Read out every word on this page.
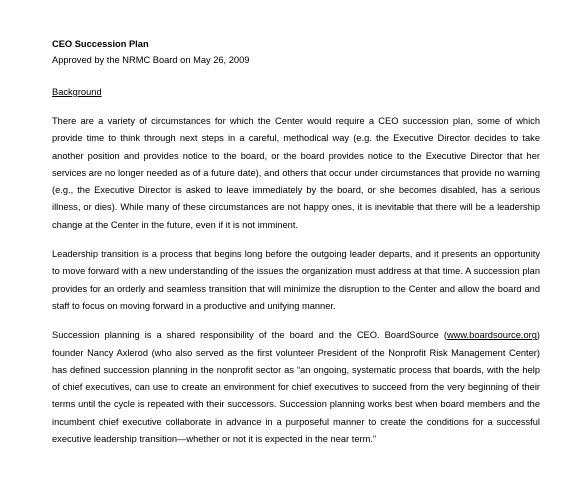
CEO Succession Plan

Approved by the NRMC Board on May 26, 2009

Background

There are a variety of circumstances for which the Center would require a CEO succession plan, some of which provide time to think through next steps in a careful, methodical way (e.g. the Executive Director decides to take another position and provides notice to the board, or the board provides notice to the Executive Director that her services are no longer needed as of a future date), and others that occur under circumstances that provide no warning (e.g., the Executive Director is asked to leave immediately by the board, or she becomes disabled, has a serious illness, or dies). While many of these circumstances are not happy ones, it is inevitable that there will be a leadership change at the Center in the future, even if it is not imminent.

Leadership transition is a process that begins long before the outgoing leader departs, and it presents an opportunity to move forward with a new understanding of the issues the organization must address at that time. A succession plan provides for an orderly and seamless transition that will minimize the disruption to the Center and allow the board and staff to focus on moving forward in a productive and unifying manner.

Succession planning is a shared responsibility of the board and the CEO. BoardSource (www.boardsource.org) founder Nancy Axlerod (who also served as the first volunteer President of the Nonprofit Risk Management Center) has defined succession planning in the nonprofit sector as “an ongoing, systematic process that boards, with the help of chief executives, can use to create an environment for chief executives to succeed from the very beginning of their terms until the cycle is repeated with their successors. Succession planning works best when board members and the incumbent chief executive collaborate in advance in a purposeful manner to create the conditions for a successful executive leadership transition—whether or not it is expected in the near term.”
